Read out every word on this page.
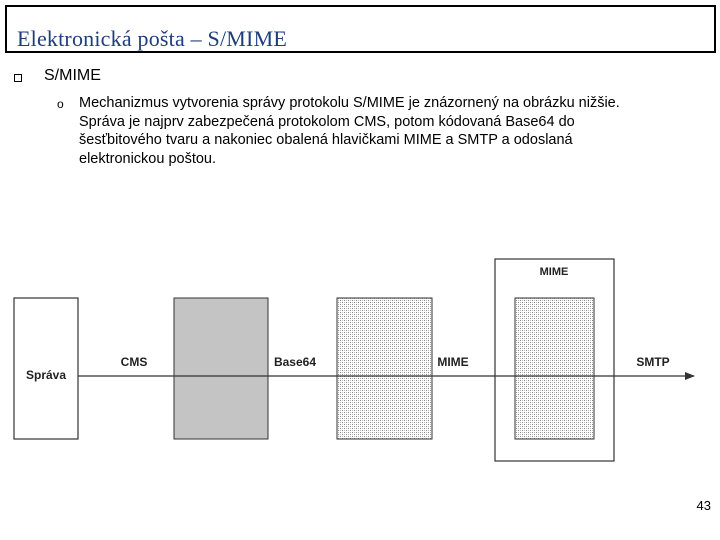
Elektronická pošta – S/MIME
S/MIME
o Mechanizmus vytvorenia správy protokolu S/MIME je znázornený na obrázku nižšie.
Správa je najprv zabezpečená protokolom CMS, potom kódovaná Base64 do
šesťbitového tvaru a nakoniec obalená hlavičkami MIME a SMTP a odoslaná
elektronickou poštou.
Správa
CMS	Base64	MIME	SMTP
MIME
43
